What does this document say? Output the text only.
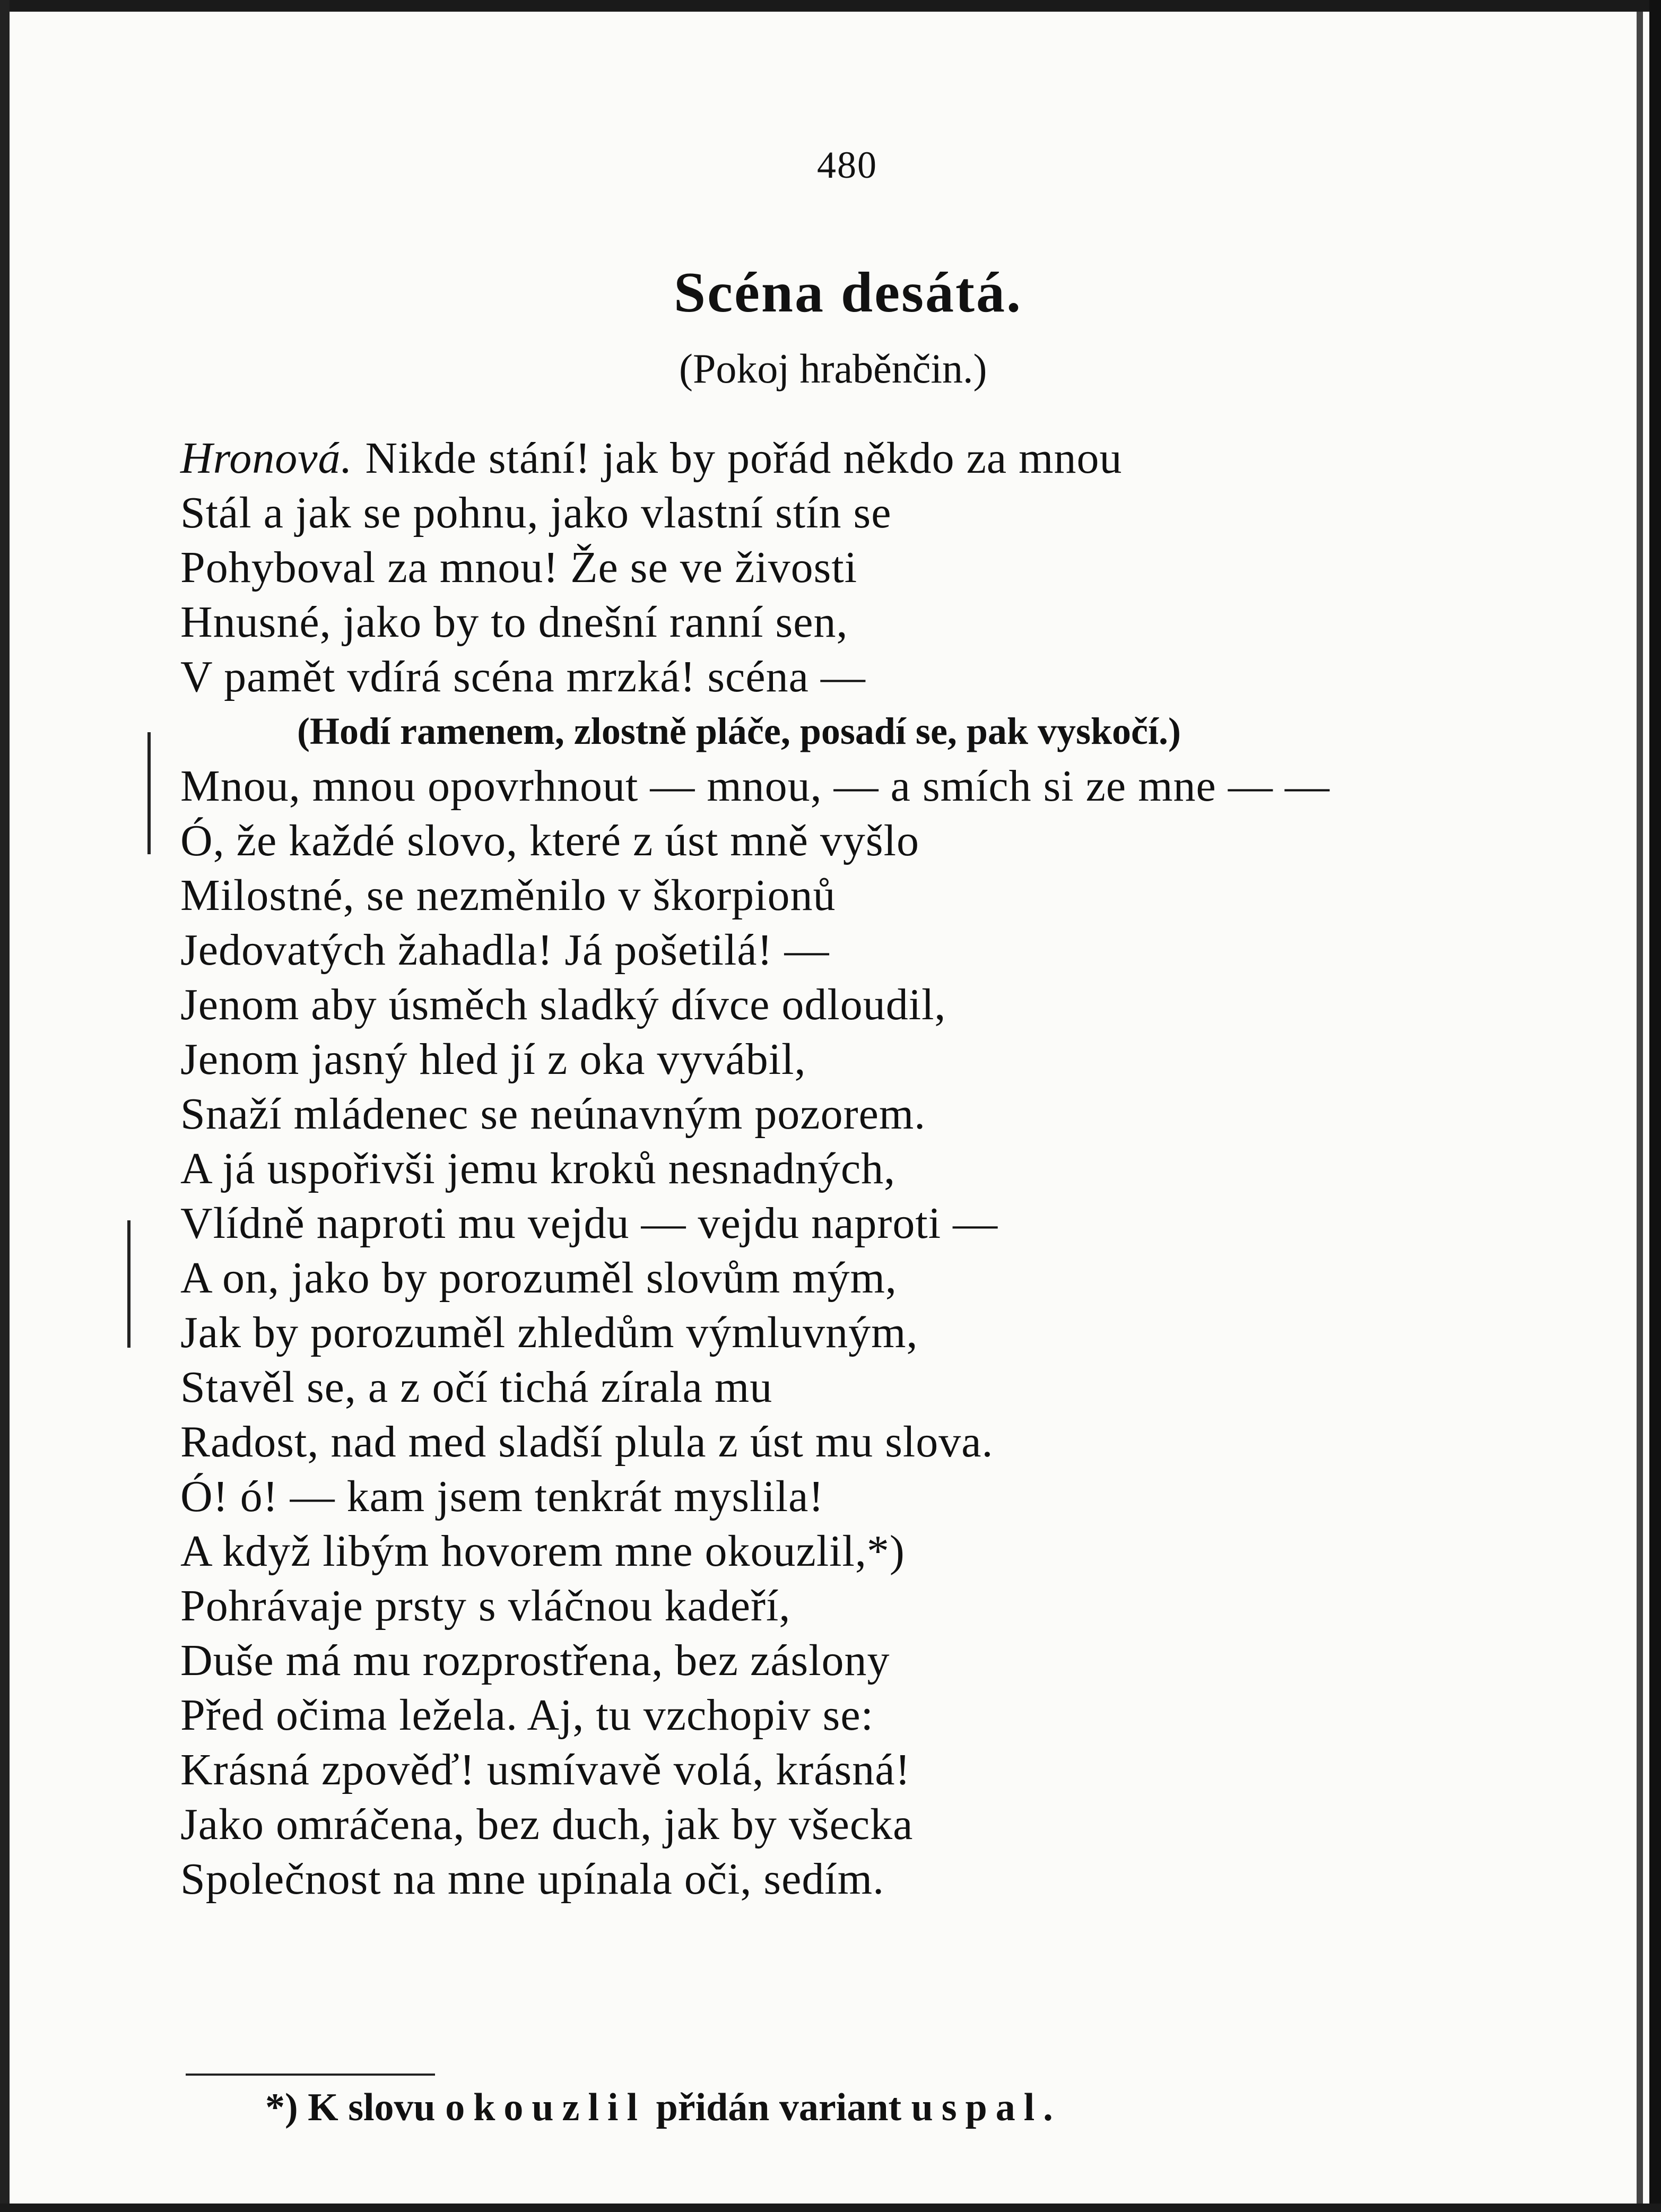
480
Scéna desátá.
(Pokoj hraběnčin.)
Hronová. Nikde stání! jak by pořád někdo za mnou
Stál a jak se pohnu, jako vlastní stín se
Pohyboval za mnou! Že se ve živosti
Hnusné, jako by to dnešní ranní sen,
V pamět vdírá scéna mrzká! scéna —
(Hodí ramenem, zlostně pláče, posadí se, pak vyskočí.)
Mnou, mnou opovrhnout — mnou, — a smích si ze mne — —
Ó, že každé slovo, které z úst mně vyšlo
Milostné, se nezměnilo v škorpionů
Jedovatých žahadla! Já pošetilá! —
Jenom aby úsměch sladký dívce odloudil,
Jenom jasný hled jí z oka vyvábil,
Snaží mládenec se neúnavným pozorem.
A já uspořivši jemu kroků nesnadných,
Vlídně naproti mu vejdu — vejdu naproti —
A on, jako by porozuměl slovům mým,
Jak by porozuměl zhledům výmluvným,
Stavěl se, a z očí tichá zírala mu
Radost, nad med sladší plula z úst mu slova.
Ó! ó! — kam jsem tenkrát myslila!
A když libým hovorem mne okouzlil,*)
Pohrávaje prsty s vláčnou kadeří,
Duše má mu rozprostřena, bez záslony
Před očima ležela. Aj, tu vzchopiv se:
Krásná zpověď! usmívavě volá, krásná!
Jako omráčena, bez duch, jak by všecka
Společnost na mne upínala oči, sedím.
*) K slovu okouzlil přidán variant uspal.
